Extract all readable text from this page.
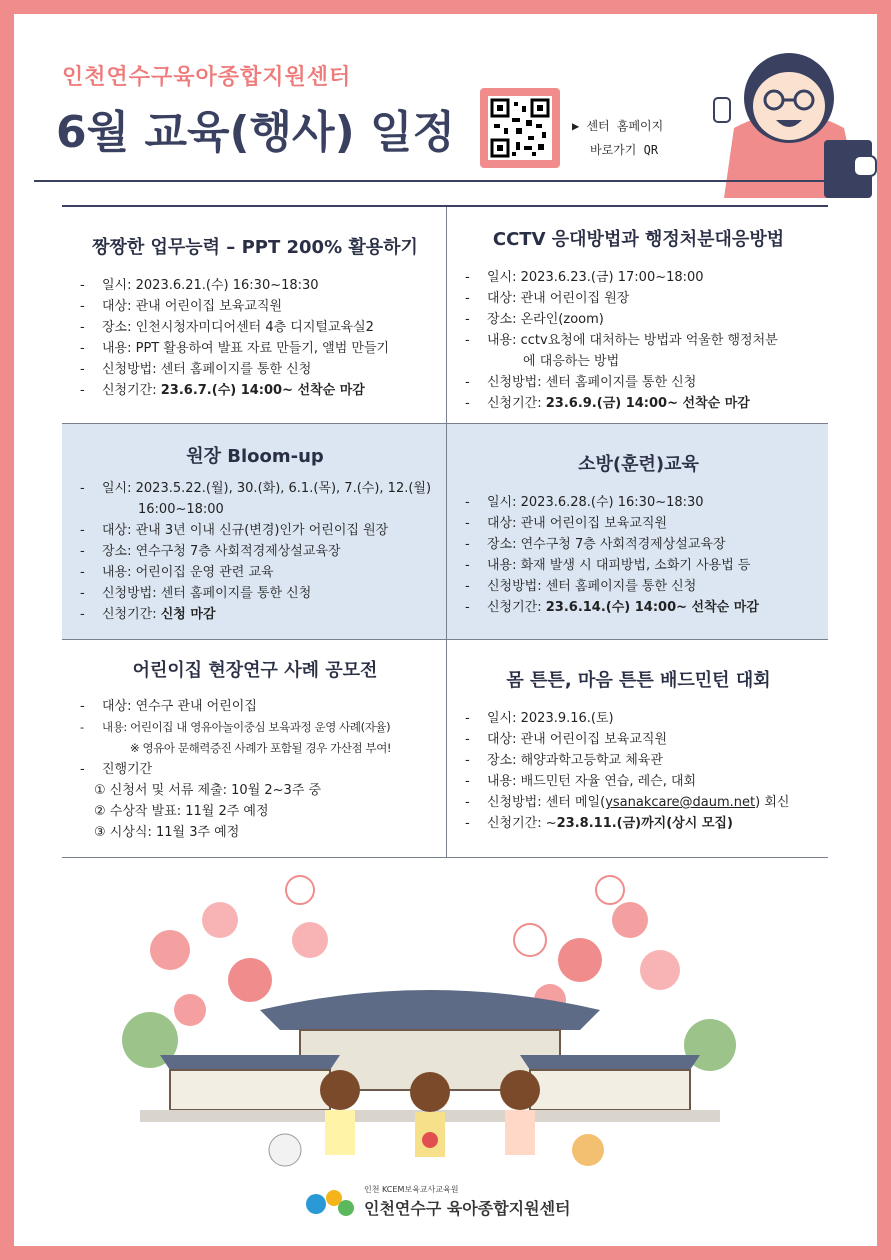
인천연수구육아종합지원센터
6월 교육(행사) 일정	▶ 센터 홈페이지
바로가기 QR
짱짱한 업무능력 – PPT 200% 활용하기
- 일시: 2023.6.21.(수) 16:30~18:30
- 대상: 관내 어린이집 보육교직원
- 장소: 인천시청자미디어센터 4층 디지털교육실2
- 내용: PPT 활용하여 발표 자료 만들기, 앨범 만들기
- 신청방법: 센터 홈페이지를 통한 신청
- 신청기간: 23.6.7.(수) 14:00~ 선착순 마감
CCTV 응대방법과 행정처분대응방법
- 일시: 2023.6.23.(금) 17:00~18:00
- 대상: 관내 어린이집 원장
- 장소: 온라인(zoom)
- 내용: cctv요청에 대처하는 방법과 억울한 행정처분
에 대응하는 방법
- 신청방법: 센터 홈페이지를 통한 신청
- 신청기간: 23.6.9.(금) 14:00~ 선착순 마감
원장 Bloom-up
- 일시: 2023.5.22.(월), 30.(화), 6.1.(목), 7.(수), 12.(월)
16:00~18:00
- 대상: 관내 3년 이내 신규(변경)인가 어린이집 원장
- 장소: 연수구청 7층 사회적경제상설교육장
- 내용: 어린이집 운영 관련 교육
- 신청방법: 센터 홈페이지를 통한 신청
- 신청기간: 신청 마감
소방(훈련)교육
- 일시: 2023.6.28.(수) 16:30~18:30
- 대상: 관내 어린이집 보육교직원
- 장소: 연수구청 7층 사회적경제상설교육장
- 내용: 화재 발생 시 대피방법, 소화기 사용법 등
- 신청방법: 센터 홈페이지를 통한 신청
- 신청기간: 23.6.14.(수) 14:00~ 선착순 마감
어린이집 현장연구 사례 공모전
- 대상: 연수구 관내 어린이집
- 내용: 어린이집 내 영유아놀이중심 보육과정 운영 사례(자율)
※ 영유아 문해력증진 사례가 포함될 경우 가산점 부여!
- 진행기간
① 신청서 및 서류 제출: 10월 2~3주 중
② 수상작 발표: 11월 2주 예정
③ 시상식: 11월 3주 예정
몸 튼튼, 마음 튼튼 배드민턴 대회
- 일시: 2023.9.16.(토)
- 대상: 관내 어린이집 보육교직원
- 장소: 해양과학고등학교 체육관
- 내용: 배드민턴 자율 연습, 레슨, 대회
- 신청방법: 센터 메일(ysanakcare@daum.net) 회신
- 신청기간: ~23.8.11.(금)까지(상시 모집)
인천 KCEM보육교사교육원
인천연수구 육아종합지원센터
